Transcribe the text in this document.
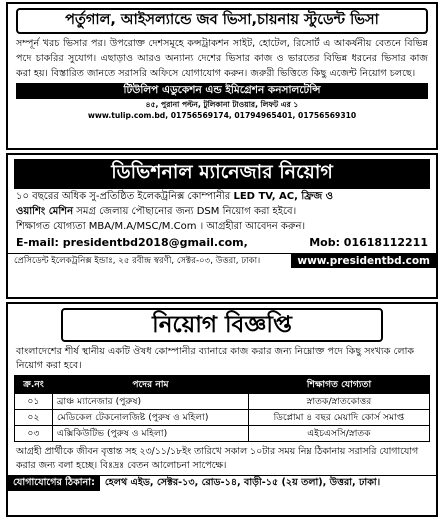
পর্তুগাল, আইসল্যান্ডে জব ভিসা,চায়নায় স্টুডেন্ট ভিসা
সম্পূর্ন খরচ ভিসার পর। উপরোক্ত দেশসমূহে কন্সট্রাকশন সাইট, হোটেল, রিসোর্ট এ আকর্ষনীয় বেতনে বিভিন্ন পদে চাকরির সুযোগ। এছাড়াও আরও অন্যান্য দেশের ভিসার কাজ ও ভারতের বিভিন্ন ধরনের ভিসার কাজ করা হয়। বিস্তারিত জানতে সরাসরি অফিসে যোগাযোগ করুন। জরুরী ভিত্তিতে কিছু এজেন্ট নিয়োগ চলছে।
টিউলিপ এডুকেশন এন্ড ইমিগ্রেশন কনসালটেন্সি
৪৫, পুরানা পল্টন, টুলিকানা টাওয়ার, লিফট এর ১
www.tulip.com.bd, 01756569174, 01794965401, 01756569310
ডিভিশনাল ম্যানেজার নিয়োগ
১০ বছরের অধিক সু-প্রতিষ্ঠিত ইলেকট্রনিক্স কোম্পানীর LED TV, AC, ফ্রিজ ও
ওয়াশিং মেশিন সমগ্র জেলায় পৌছানোর জন্য DSM নিয়োগ করা হইবে।
শিক্ষাগত যোগ্যতা MBA/M.A/MSC/M.Com । আগ্রহীরা আবেদন করুন।
E-mail: presidentbd2018@gmail.com,	Mob: 01618112211
প্রেসিডেন্ট ইলেকট্রনিক্স ইন্ডাঃ, ২৫ রবীন্দ্র স্বরণী, সেক্টর-০৩, উত্তরা, ঢাকা।	www.presidentbd.com
নিয়োগ বিজ্ঞপ্তি
বাংলাদেশের শীর্ষ স্থানীয় একটি ঔষধ কোম্পানীর ব্যানারে কাজ করার জন্য নিম্নোক্ত পদে কিছু সংখ্যক লোক নিয়োগ করা হবে।
ক্র.নং	পদের নাম	শিক্ষাগত যোগ্যতা
০১	ব্রাঞ্চ ম্যানেজার (পুরুষ)	স্নাতক/স্নাতকোত্তর
০২	মেডিকেল টেকনোলজিষ্ট (পুরুষ ও মহিলা)	ডিপ্লোমা ৪ বছর মেয়াদি কোর্স সমাপ্ত
০৩	এক্সিকিউটিভ (পুরুষ ও মহিলা)	এইচএসসি/স্নাতক
আগ্রহী প্রার্থীকে জীবন বৃত্তান্ত সহ ২৩/১১/১৮ইং তারিখে সকাল ১০টার সময় নিম্ন ঠিকানায় সরাসরি যোগাযোগ করার জন্য বলা হচ্ছে। বিঃদ্রঃ বেতন আলোচনা সাপেক্ষে।
যোগাযোগের ঠিকানা:	হেলথ এইড, সেক্টর-১৩, রোড-১৪, বাড়ী-১৫ (২য় তলা), উত্তরা, ঢাকা।
